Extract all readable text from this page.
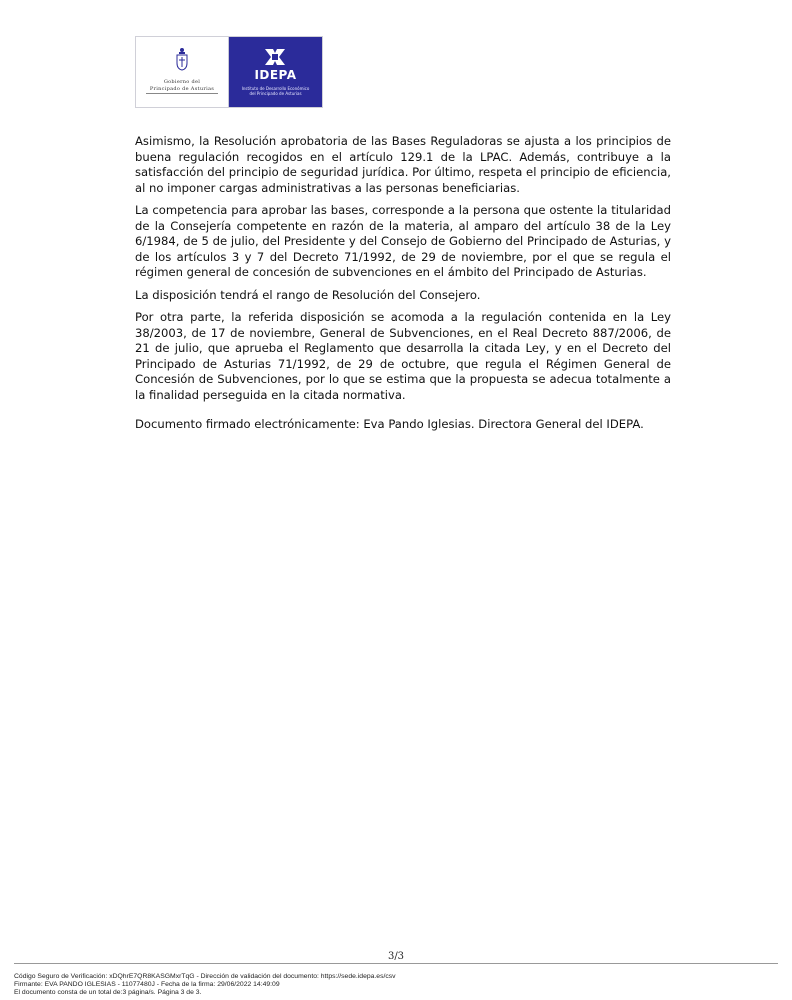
Gobierno del
Principado de Asturias
IDEPA
Instituto de Desarrollo Económico
del Principado de Asturias

Asimismo, la Resolución aprobatoria de las Bases Reguladoras se ajusta a los principios de buena regulación recogidos en el artículo 129.1 de la LPAC. Además, contribuye a la satisfacción del principio de seguridad jurídica. Por último, respeta el principio de eficiencia, al no imponer cargas administrativas a las personas beneficiarias.

La competencia para aprobar las bases, corresponde a la persona que ostente la titularidad de la Consejería competente en razón de la materia, al amparo del artículo 38 de la Ley 6/1984, de 5 de julio, del Presidente y del Consejo de Gobierno del Principado de Asturias, y de los artículos 3 y 7 del Decreto 71/1992, de 29 de noviembre, por el que se regula el régimen general de concesión de subvenciones en el ámbito del Principado de Asturias.

La disposición tendrá el rango de Resolución del Consejero.

Por otra parte, la referida disposición se acomoda a la regulación contenida en la Ley 38/2003, de 17 de noviembre, General de Subvenciones, en el Real Decreto 887/2006, de 21 de julio, que aprueba el Reglamento que desarrolla la citada Ley, y en el Decreto del Principado de Asturias 71/1992, de 29 de octubre, que regula el Régimen General de Concesión de Subvenciones, por lo que se estima que la propuesta se adecua totalmente a la finalidad perseguida en la citada normativa.

Documento firmado electrónicamente: Eva Pando Iglesias. Directora General del IDEPA.

3/3
Código Seguro de Verificación: xDQhrE7QR8KASGMxrTqG - Dirección de validación del documento: https://sede.idepa.es/csv
Firmante: EVA PANDO IGLESIAS - 11077480J - Fecha de la firma: 29/06/2022 14:49:09
El documento consta de un total de:3 página/s. Página 3 de 3.
